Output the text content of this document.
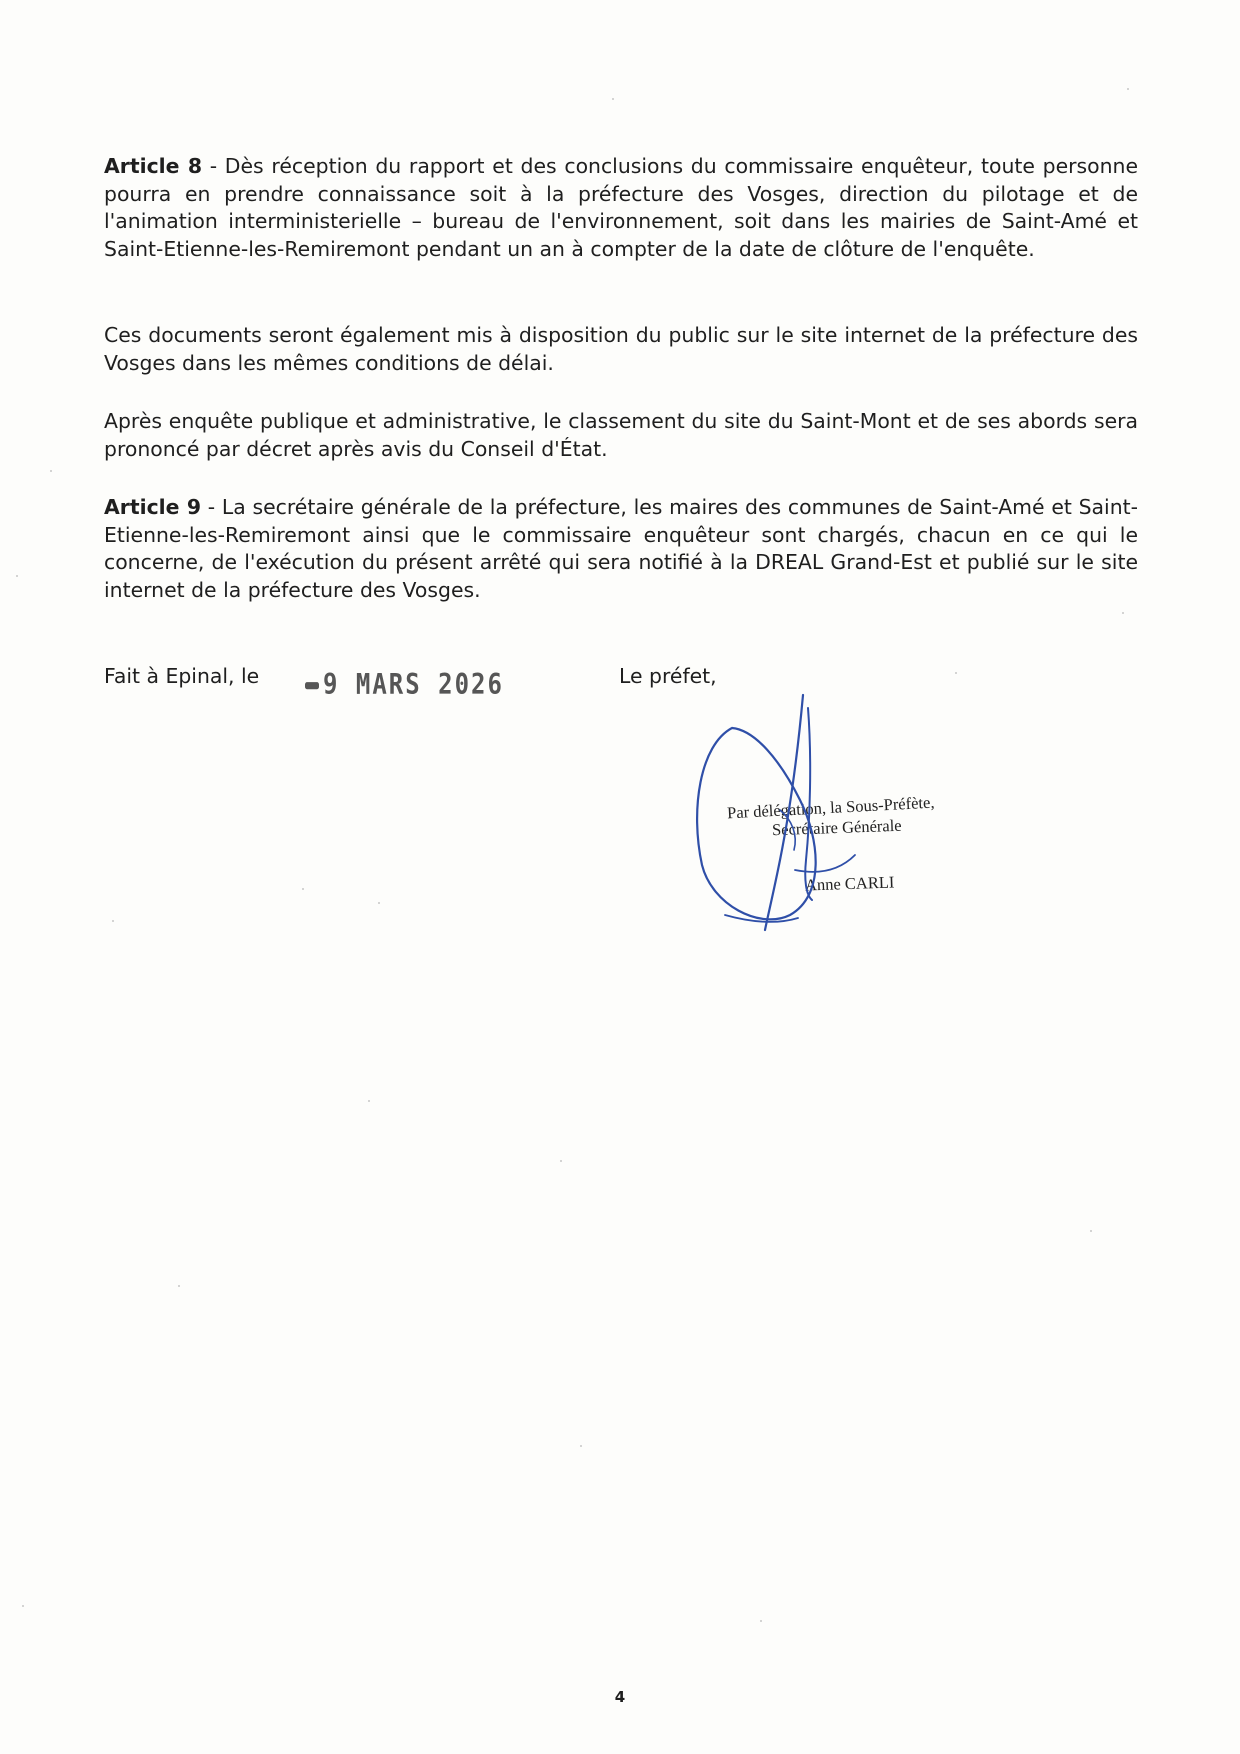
Article 8 - Dès réception du rapport et des conclusions du commissaire enquêteur, toute personne pourra en prendre connaissance soit à la préfecture des Vosges, direction du pilotage et de l'animation interministerielle – bureau de l'environnement, soit dans les mairies de Saint-Amé et Saint-Etienne-les-Remiremont pendant un an à compter de la date de clôture de l'enquête.

Ces documents seront également mis à disposition du public sur le site internet de la préfecture des Vosges dans les mêmes conditions de délai.

Après enquête publique et administrative, le classement du site du Saint-Mont et de ses abords sera prononcé par décret après avis du Conseil d'État.

Article 9 - La secrétaire générale de la préfecture, les maires des communes de Saint-Amé et Saint-Etienne-les-Remiremont ainsi que le commissaire enquêteur sont chargés, chacun en ce qui le concerne, de l'exécution du présent arrêté qui sera notifié à la DREAL Grand-Est et publié sur le site internet de la préfecture des Vosges.

Fait à Epinal, le	9 MARS 2026	Le préfet,

Par délégation, la Sous-Préfète,

Secrétaire Générale

Anne CARLI

4
